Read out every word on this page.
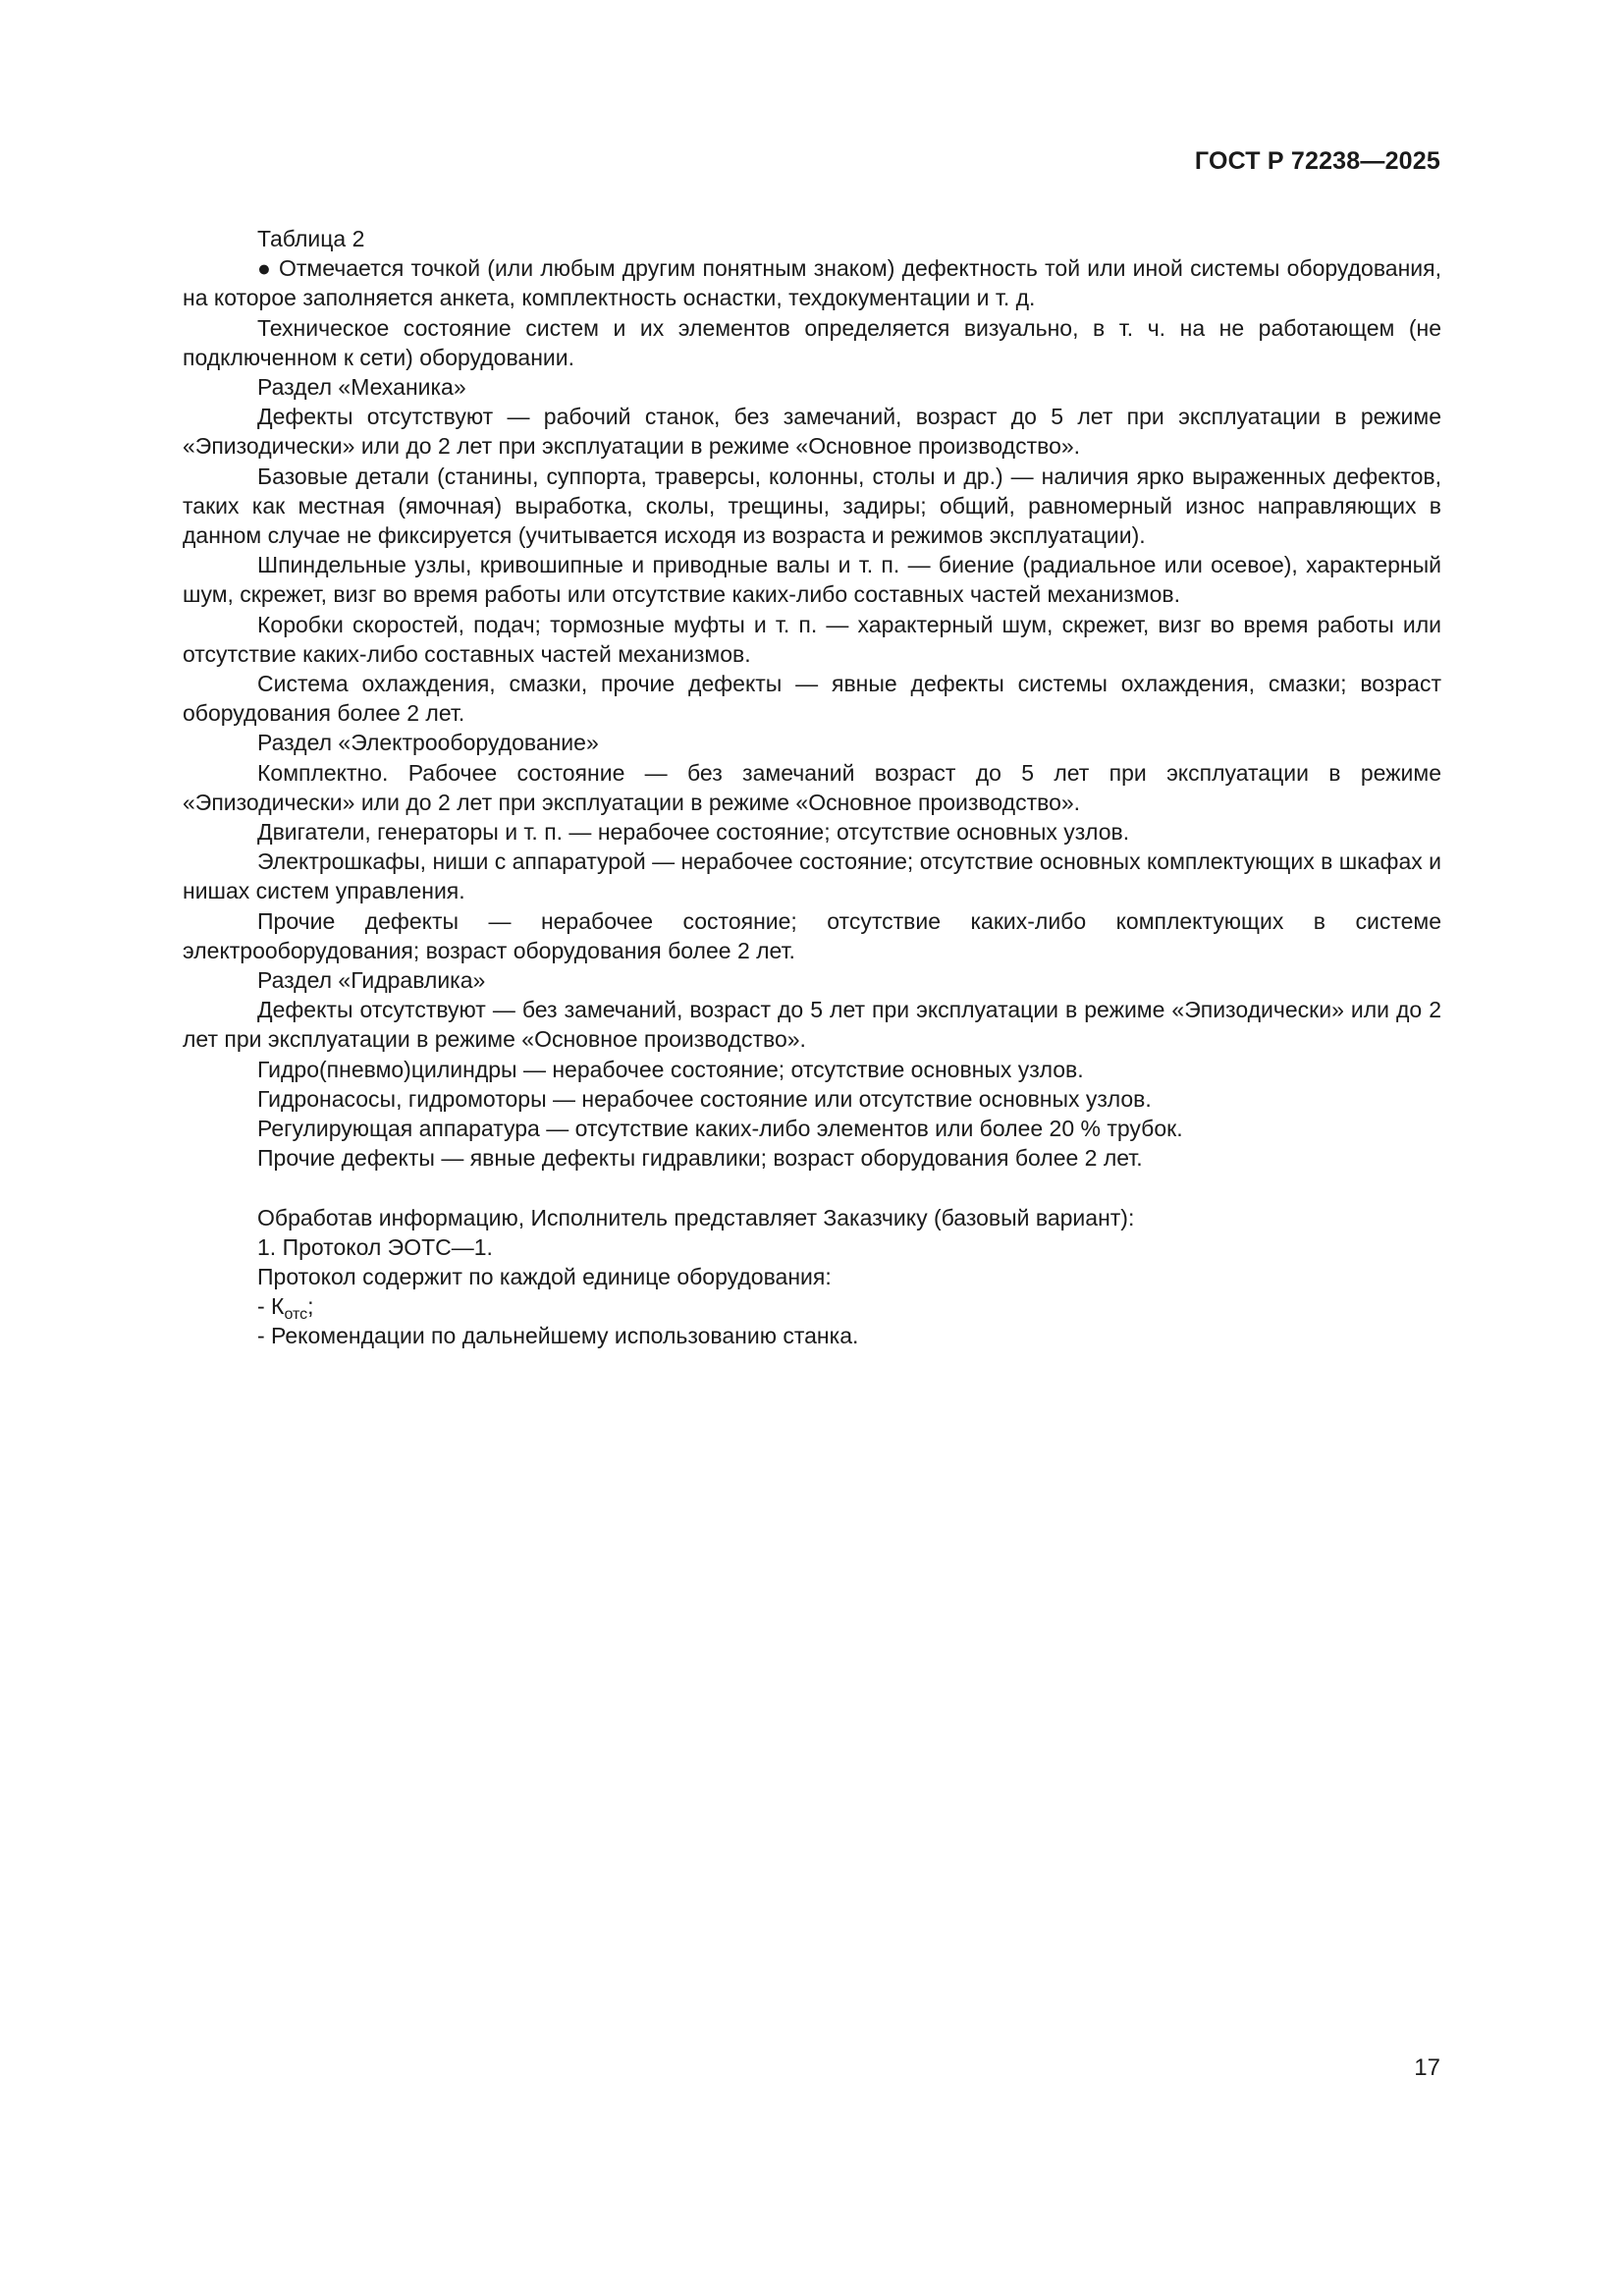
ГОСТ Р 72238—2025

Таблица 2

● Отмечается точкой (или любым другим понятным знаком) дефектность той или иной системы оборудования, на которое заполняется анкета, комплектность оснастки, техдокументации и т. д.

Техническое состояние систем и их элементов определяется визуально, в т. ч. на не работающем (не подключенном к сети) оборудовании.

Раздел «Механика»

Дефекты отсутствуют — рабочий станок, без замечаний, возраст до 5 лет при эксплуатации в режиме «Эпизодически» или до 2 лет при эксплуатации в режиме «Основное производство».

Базовые детали (станины, суппорта, траверсы, колонны, столы и др.) — наличия ярко выраженных дефектов, таких как местная (ямочная) выработка, сколы, трещины, задиры; общий, равномерный износ направляющих в данном случае не фиксируется (учитывается исходя из возраста и режимов эксплуатации).

Шпиндельные узлы, кривошипные и приводные валы и т. п. — биение (радиальное или осевое), характерный шум, скрежет, визг во время работы или отсутствие каких-либо составных частей механизмов.

Коробки скоростей, подач; тормозные муфты и т. п. — характерный шум, скрежет, визг во время работы или отсутствие каких-либо составных частей механизмов.

Система охлаждения, смазки, прочие дефекты — явные дефекты системы охлаждения, смазки; возраст оборудования более 2 лет.

Раздел «Электрооборудование»

Комплектно. Рабочее состояние — без замечаний возраст до 5 лет при эксплуатации в режиме «Эпизодически» или до 2 лет при эксплуатации в режиме «Основное производство».

Двигатели, генераторы и т. п. — нерабочее состояние; отсутствие основных узлов.

Электрошкафы, ниши с аппаратурой — нерабочее состояние; отсутствие основных комплектующих в шкафах и нишах систем управления.

Прочие дефекты — нерабочее состояние; отсутствие каких-либо комплектующих в системе электрооборудования; возраст оборудования более 2 лет.

Раздел «Гидравлика»

Дефекты отсутствуют — без замечаний, возраст до 5 лет при эксплуатации в режиме «Эпизодически» или до 2 лет при эксплуатации в режиме «Основное производство».

Гидро(пневмо)цилиндры — нерабочее состояние; отсутствие основных узлов.

Гидронасосы, гидромоторы — нерабочее состояние или отсутствие основных узлов.

Регулирующая аппаратура — отсутствие каких-либо элементов или более 20 % трубок.

Прочие дефекты — явные дефекты гидравлики; возраст оборудования более 2 лет.

Обработав информацию, Исполнитель представляет Заказчику (базовый вариант):

1. Протокол ЭОТС—1.

Протокол содержит по каждой единице оборудования:

- $К_{отс}$;

- Рекомендации по дальнейшему использованию станка.

17
